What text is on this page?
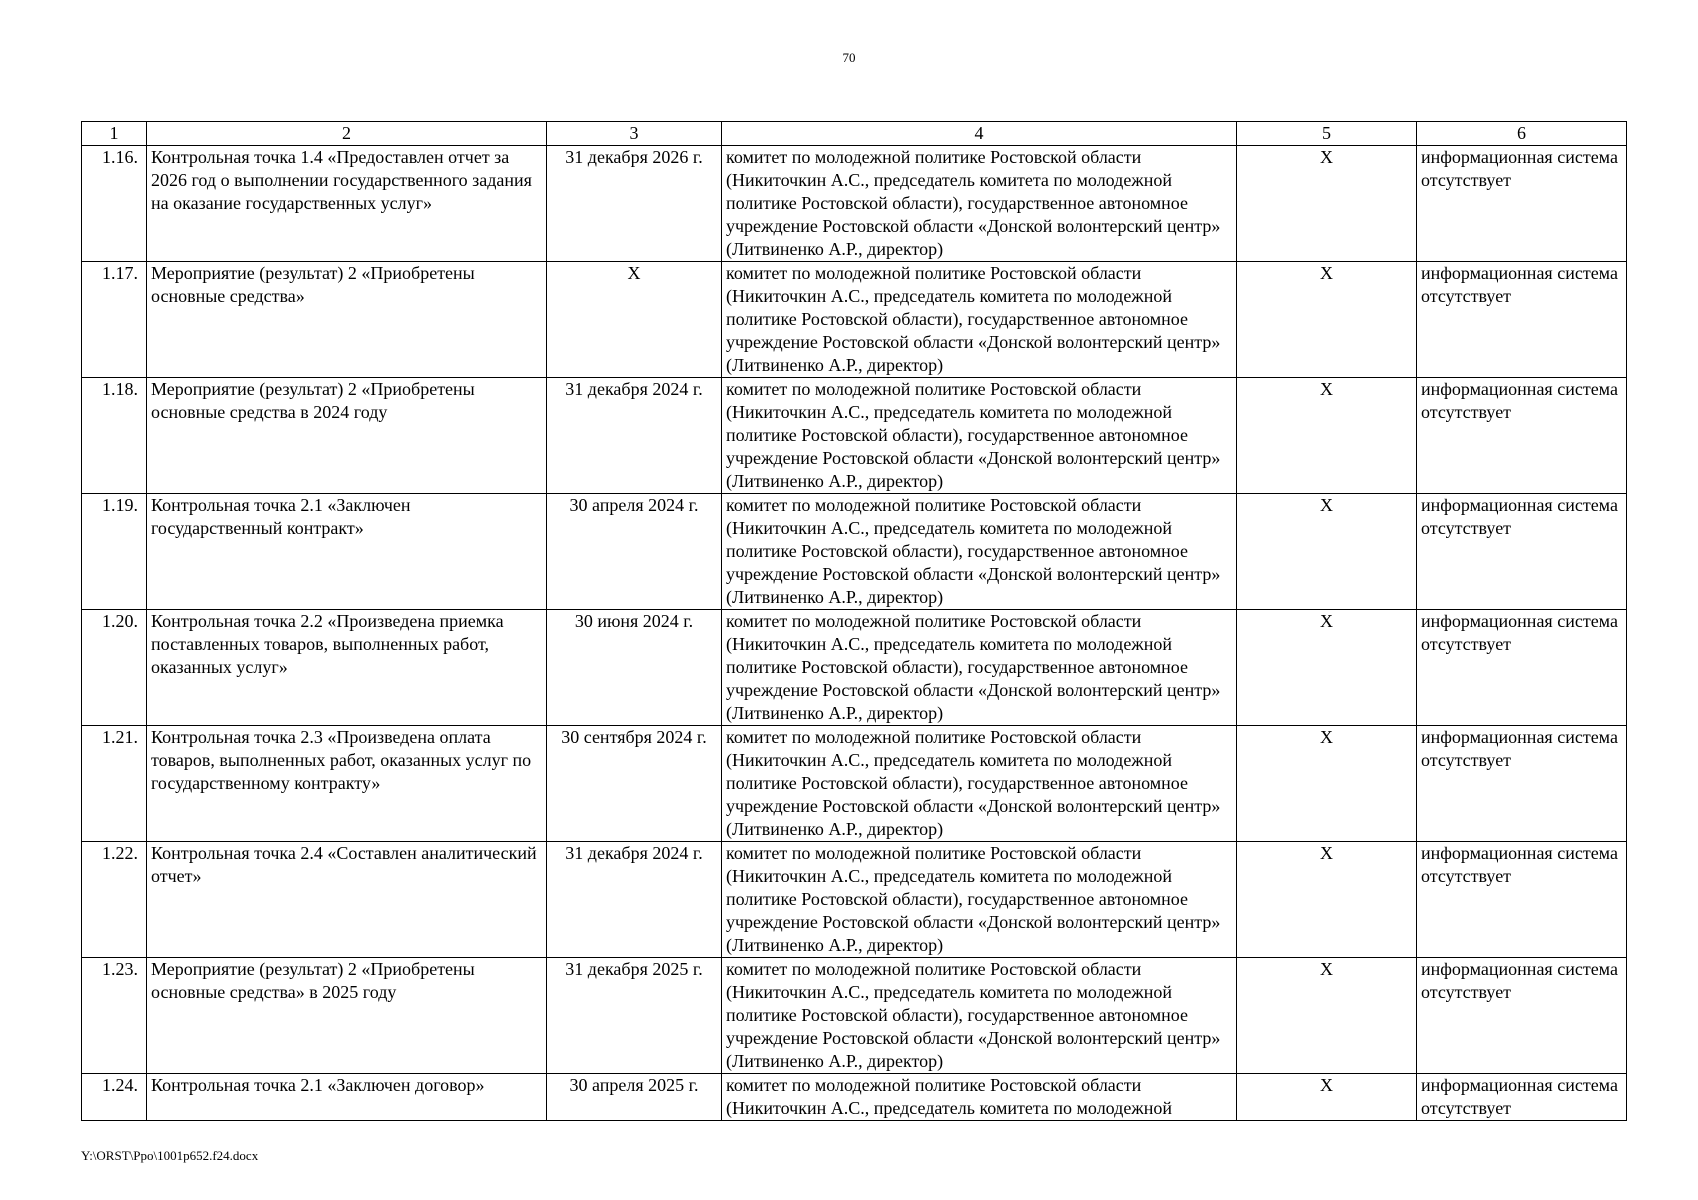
70
1	2	3	4	5	6
1.16.	Контрольная точка 1.4 «Предоставлен отчет за 2026 год о выполнении государственного задания на оказание государственных услуг»	31 декабря 2026 г.	комитет по молодежной политике Ростовской области (Никиточкин А.С., председатель комитета по молодежной политике Ростовской области), государственное автономное учреждение Ростовской области «Донской волонтерский центр» (Литвиненко А.Р., директор)	Х	информационная система отсутствует
1.17.	Мероприятие (результат) 2 «Приобретены основные средства»	Х	комитет по молодежной политике Ростовской области (Никиточкин А.С., председатель комитета по молодежной политике Ростовской области), государственное автономное учреждение Ростовской области «Донской волонтерский центр» (Литвиненко А.Р., директор)	Х	информационная система отсутствует
1.18.	Мероприятие (результат) 2 «Приобретены основные средства в 2024 году	31 декабря 2024 г.	комитет по молодежной политике Ростовской области (Никиточкин А.С., председатель комитета по молодежной политике Ростовской области), государственное автономное учреждение Ростовской области «Донской волонтерский центр» (Литвиненко А.Р., директор)	Х	информационная система отсутствует
1.19.	Контрольная точка 2.1 «Заключен государственный контракт»	30 апреля 2024 г.	комитет по молодежной политике Ростовской области (Никиточкин А.С., председатель комитета по молодежной политике Ростовской области), государственное автономное учреждение Ростовской области «Донской волонтерский центр» (Литвиненко А.Р., директор)	Х	информационная система отсутствует
1.20.	Контрольная точка 2.2 «Произведена приемка поставленных товаров, выполненных работ, оказанных услуг»	30 июня 2024 г.	комитет по молодежной политике Ростовской области (Никиточкин А.С., председатель комитета по молодежной политике Ростовской области), государственное автономное учреждение Ростовской области «Донской волонтерский центр» (Литвиненко А.Р., директор)	Х	информационная система отсутствует
1.21.	Контрольная точка 2.3 «Произведена оплата товаров, выполненных работ, оказанных услуг по государственному контракту»	30 сентября 2024 г.	комитет по молодежной политике Ростовской области (Никиточкин А.С., председатель комитета по молодежной политике Ростовской области), государственное автономное учреждение Ростовской области «Донской волонтерский центр» (Литвиненко А.Р., директор)	Х	информационная система отсутствует
1.22.	Контрольная точка 2.4 «Составлен аналитический отчет»	31 декабря 2024 г.	комитет по молодежной политике Ростовской области (Никиточкин А.С., председатель комитета по молодежной политике Ростовской области), государственное автономное учреждение Ростовской области «Донской волонтерский центр» (Литвиненко А.Р., директор)	Х	информационная система отсутствует
1.23.	Мероприятие (результат) 2 «Приобретены основные средства» в 2025 году	31 декабря 2025 г.	комитет по молодежной политике Ростовской области (Никиточкин А.С., председатель комитета по молодежной политике Ростовской области), государственное автономное учреждение Ростовской области «Донской волонтерский центр» (Литвиненко А.Р., директор)	Х	информационная система отсутствует
1.24.	Контрольная точка 2.1 «Заключен договор»	30 апреля 2025 г.	комитет по молодежной политике Ростовской области (Никиточкин А.С., председатель комитета по молодежной	Х	информационная система отсутствует
Y:\ORST\Ppo\1001p652.f24.docx
